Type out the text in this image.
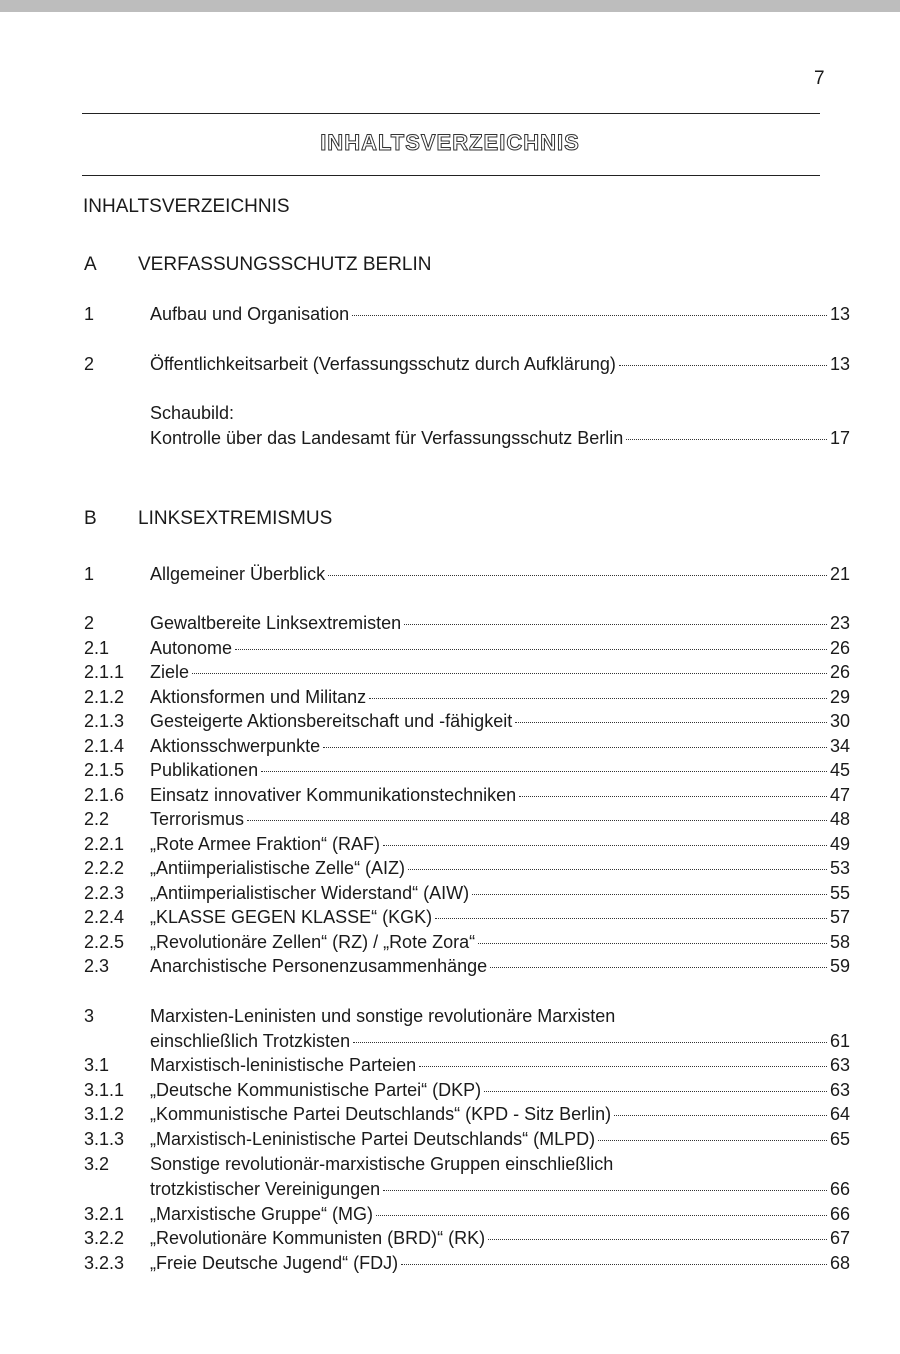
7
INHALTSVERZEICHNIS
INHALTSVERZEICHNIS
A VERFASSUNGSSCHUTZ BERLIN
1	Aufbau und Organisation	13
2	Öffentlichkeitsarbeit (Verfassungsschutz durch Aufklärung)	13
Schaubild:
Kontrolle über das Landesamt für Verfassungsschutz Berlin	17
B LINKSEXTREMISMUS
1	Allgemeiner Überblick	21
2	Gewaltbereite Linksextremisten	23
2.1 Autonome	26
2.1.1 Ziele	26
2.1.2 Aktionsformen und Militanz	29
2.1.3 Gesteigerte Aktionsbereitschaft und -fähigkeit	30
2.1.4 Aktionsschwerpunkte	34
2.1.5 Publikationen	45
2.1.6 Einsatz innovativer Kommunikationstechniken	47
2.2 Terrorismus	48
2.2.1 „Rote Armee Fraktion“ (RAF)	49
2.2.2 „Antiimperialistische Zelle“ (AIZ)	53
2.2.3 „Antiimperialistischer Widerstand“ (AIW)	55
2.2.4 „KLASSE GEGEN KLASSE“ (KGK)	57
2.2.5 „Revolutionäre Zellen“ (RZ) / „Rote Zora“	58
2.3 Anarchistische Personenzusammenhänge	59
3	Marxisten-Leninisten und sonstige revolutionäre Marxisten
einschließlich Trotzkisten	61
3.1 Marxistisch-leninistische Parteien	63
3.1.1 „Deutsche Kommunistische Partei“ (DKP)	63
3.1.2 „Kommunistische Partei Deutschlands“ (KPD - Sitz Berlin)	64
3.1.3 „Marxistisch-Leninistische Partei Deutschlands“ (MLPD)	65
3.2 Sonstige revolutionär-marxistische Gruppen einschließlich
trotzkistischer Vereinigungen	66
3.2.1 „Marxistische Gruppe“ (MG)	66
3.2.2 „Revolutionäre Kommunisten (BRD)“ (RK)	67
3.2.3 „Freie Deutsche Jugend“ (FDJ)	68
